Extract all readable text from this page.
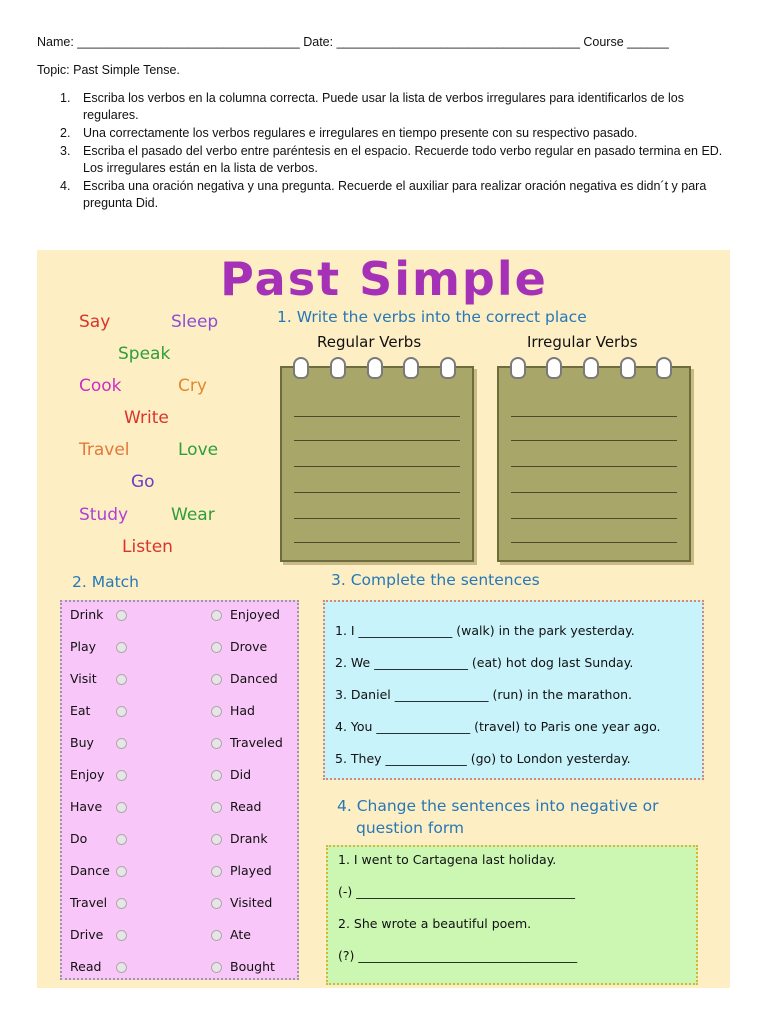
Name: ________________________________ Date: ___________________________________ Course ______
Topic: Past Simple Tense.
1. Escriba los verbos en la columna correcta. Puede usar la lista de verbos irregulares para identificarlos de los regulares.
2. Una correctamente los verbos regulares e irregulares en tiempo presente con su respectivo pasado.
3. Escriba el pasado del verbo entre paréntesis en el espacio. Recuerde todo verbo regular en pasado termina en ED. Los irregulares están en la lista de verbos.
4. Escriba una oración negativa y una pregunta. Recuerde el auxiliar para realizar oración negativa es didn´t y para pregunta Did.
Past Simple
Say	Sleep
Speak
Cook	Cry
Write
Travel	Love
Go
Study	Wear
Listen
1. Write the verbs into the correct place
Regular Verbs	Irregular Verbs
2. Match
Drink	Enjoyed
Play	Drove
Visit	Danced
Eat	Had
Buy	Traveled
Enjoy	Did
Have	Read
Do	Drank
Dance	Played
Travel	Visited
Drive	Ate
Read	Bought
3. Complete the sentences
1. I _______________ (walk) in the park yesterday.
2. We _______________ (eat) hot dog last Sunday.
3. Daniel _______________ (run) in the marathon.
4. You _______________ (travel) to Paris one year ago.
5. They _____________ (go) to London yesterday.
4. Change the sentences into negative or
question form
1. I went to Cartagena last holiday.
(-) ___________________________________
2. She wrote a beautiful poem.
(?) ___________________________________
